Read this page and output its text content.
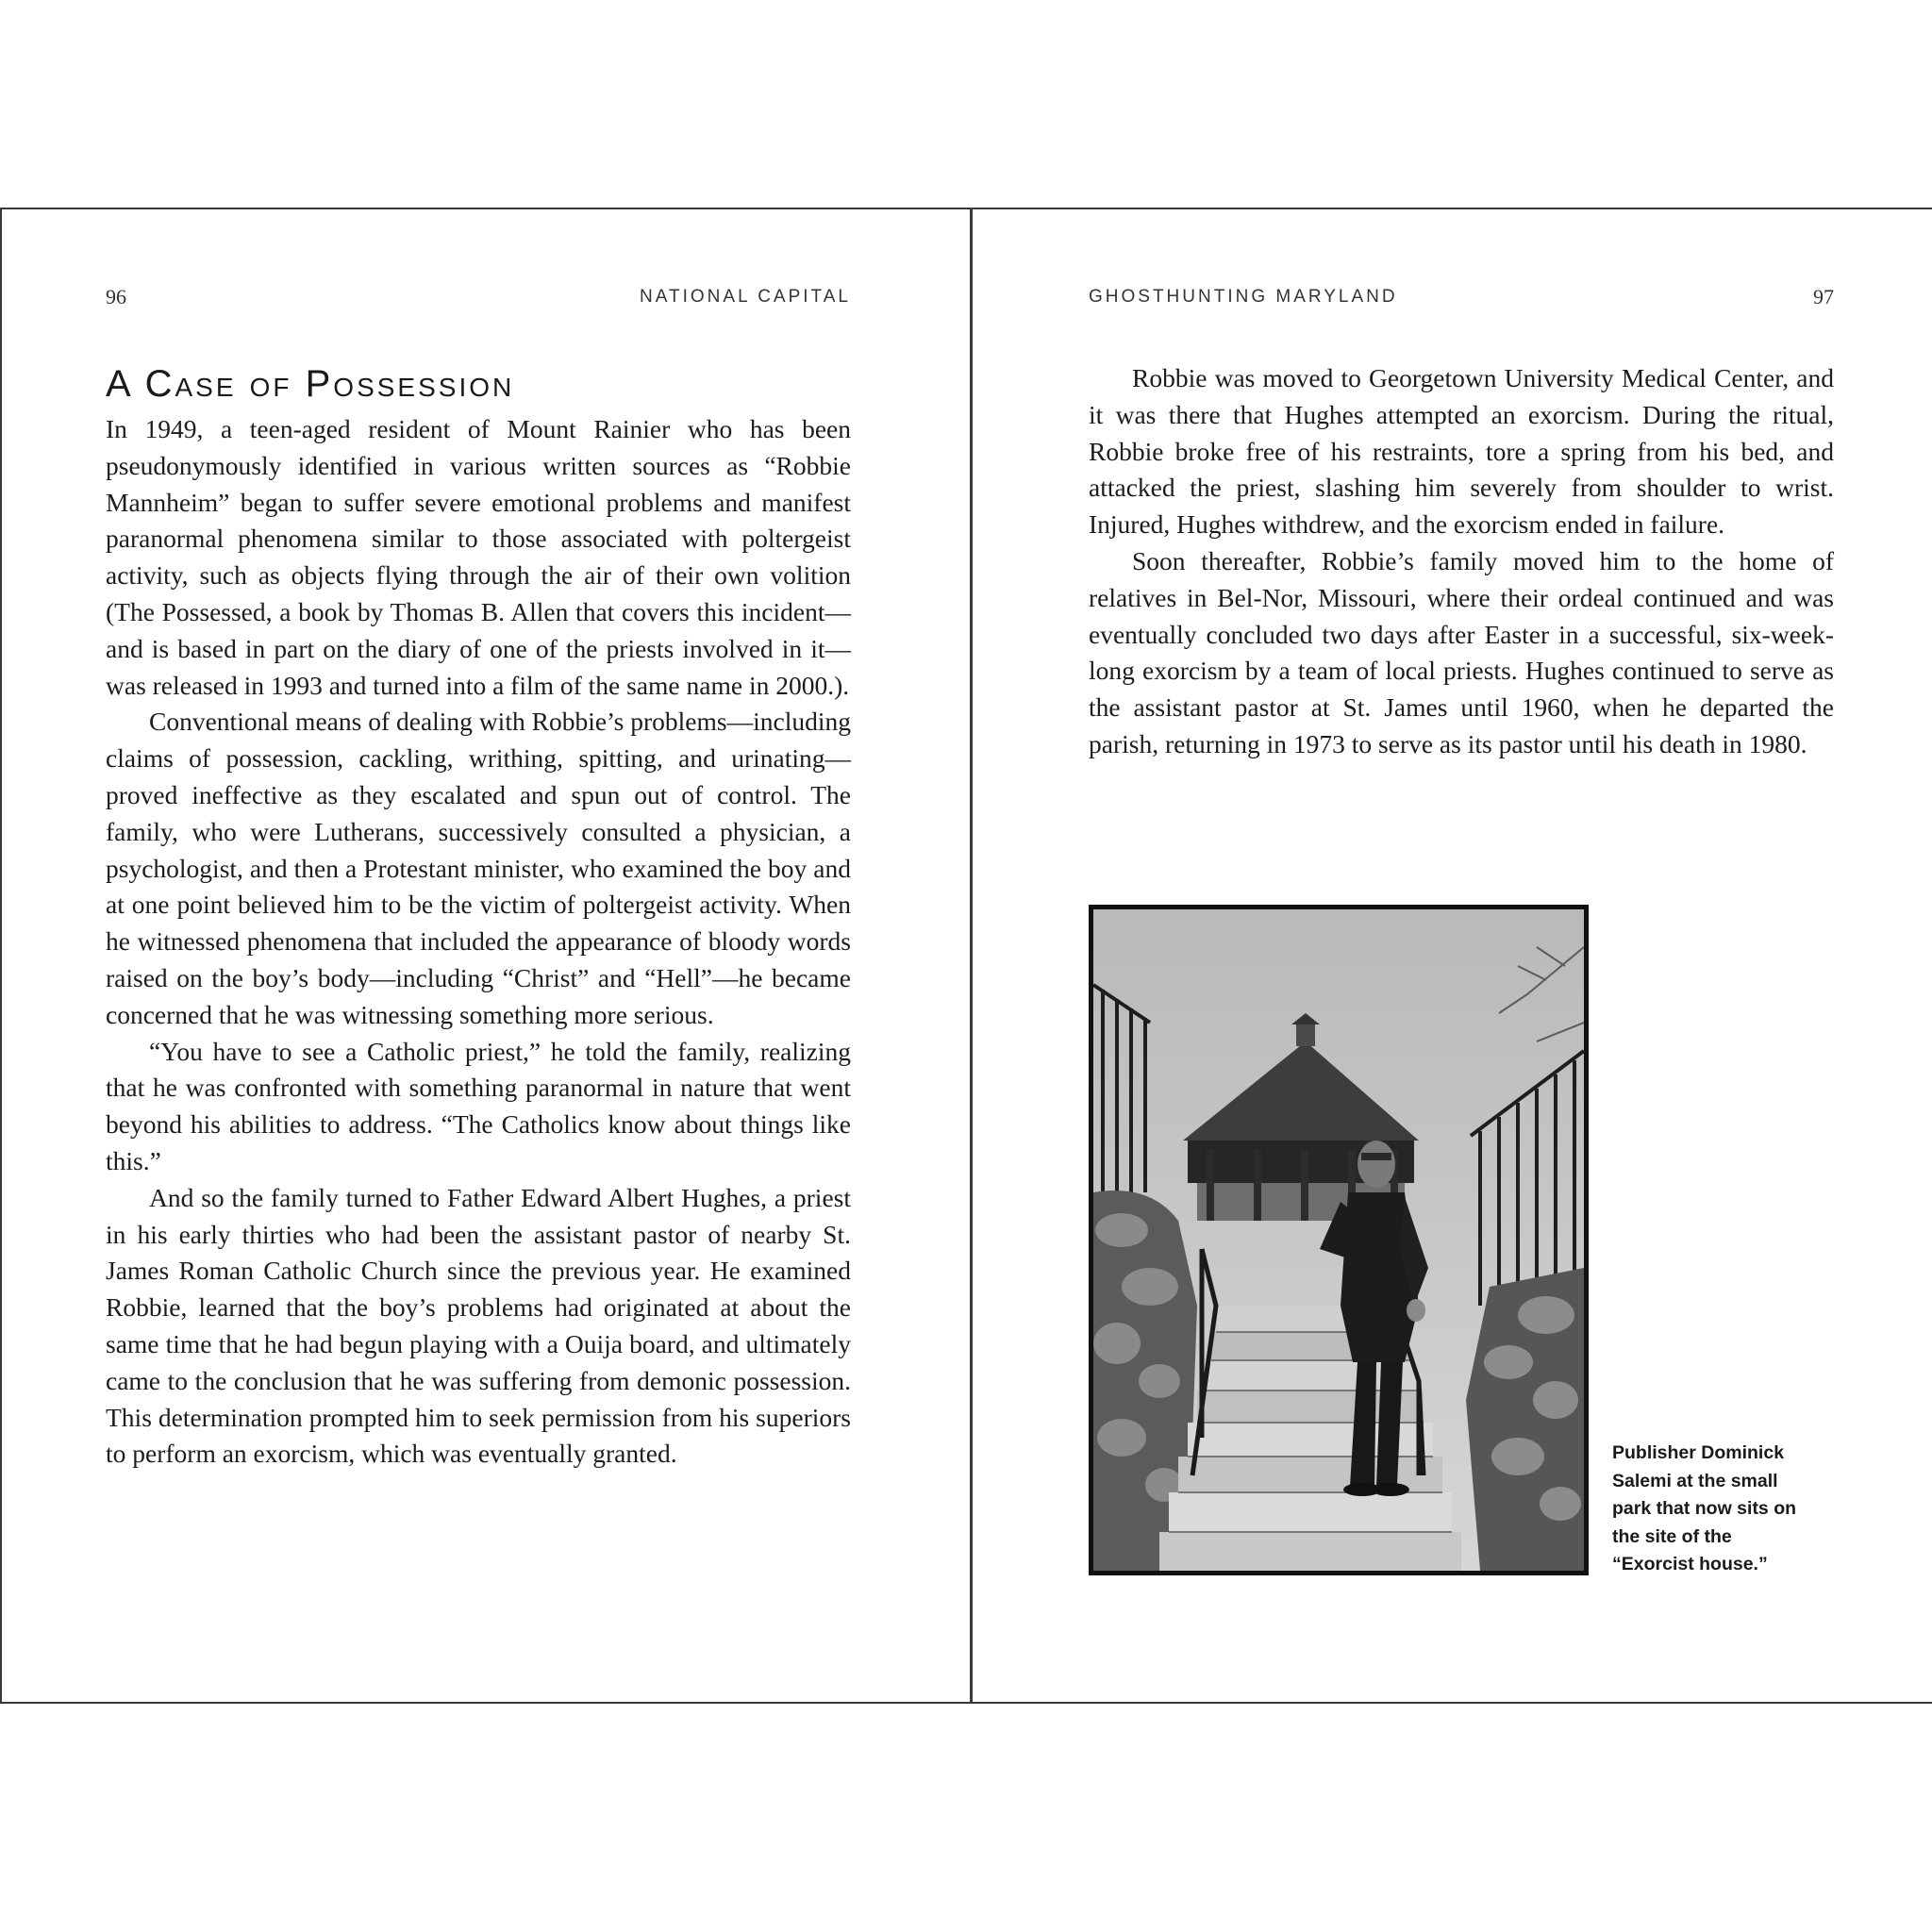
96	NATIONAL CAPITAL
A Case of Possession

In 1949, a teen-aged resident of Mount Rainier who has been pseudonymously identified in various written sources as “Robbie Mannheim” began to suffer severe emotional problems and manifest paranormal phenomena similar to those associated with poltergeist activity, such as objects flying through the air of their own volition (The Possessed, a book by Thomas B. Allen that covers this incident—and is based in part on the diary of one of the priests involved in it—was released in 1993 and turned into a film of the same name in 2000.).

Conventional means of dealing with Robbie’s problems—including claims of possession, cackling, writhing, spitting, and urinating—proved ineffective as they escalated and spun out of control. The family, who were Lutherans, successively consulted a physician, a psychologist, and then a Protestant minister, who examined the boy and at one point believed him to be the victim of poltergeist activity. When he witnessed phenomena that included the appearance of bloody words raised on the boy’s body—including “Christ” and “Hell”—he became concerned that he was witnessing something more serious.

“You have to see a Catholic priest,” he told the family, realizing that he was confronted with something paranormal in nature that went beyond his abilities to address. “The Catholics know about things like this.”

And so the family turned to Father Edward Albert Hughes, a priest in his early thirties who had been the assistant pastor of nearby St. James Roman Catholic Church since the previous year. He examined Robbie, learned that the boy’s problems had originated at about the same time that he had begun playing with a Ouija board, and ultimately came to the conclusion that he was suffering from demonic possession. This determination prompted him to seek permission from his superiors to perform an exorcism, which was eventually granted.

GHOSTHUNTING MARYLAND	97

Robbie was moved to Georgetown University Medical Center, and it was there that Hughes attempted an exorcism. During the ritual, Robbie broke free of his restraints, tore a spring from his bed, and attacked the priest, slashing him severely from shoulder to wrist. Injured, Hughes withdrew, and the exorcism ended in failure.

Soon thereafter, Robbie’s family moved him to the home of relatives in Bel-Nor, Missouri, where their ordeal continued and was eventually concluded two days after Easter in a successful, six-week-long exorcism by a team of local priests. Hughes continued to serve as the assistant pastor at St. James until 1960, when he departed the parish, returning in 1973 to serve as its pastor until his death in 1980.

Publisher Dominick Salemi at the small park that now sits on the site of the “Exorcist house.”
